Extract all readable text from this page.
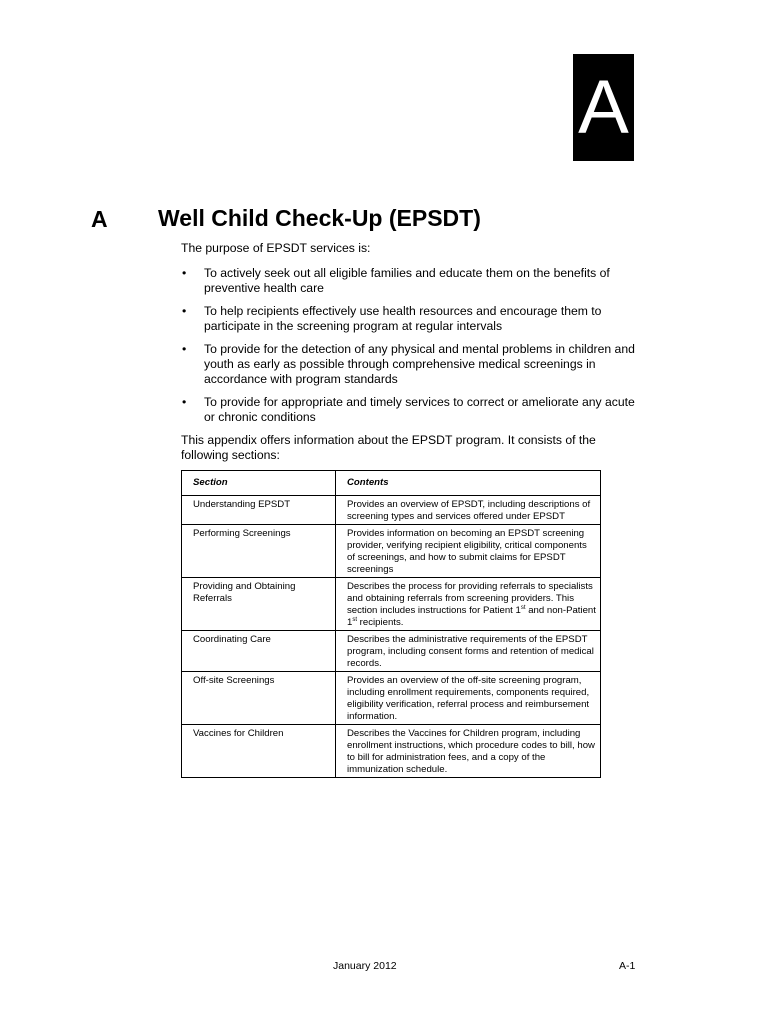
A
A Well Child Check-Up (EPSDT)

The purpose of EPSDT services is:

• To actively seek out all eligible families and educate them on the benefits of preventive health care
• To help recipients effectively use health resources and encourage them to participate in the screening program at regular intervals
• To provide for the detection of any physical and mental problems in children and youth as early as possible through comprehensive medical screenings in accordance with program standards
• To provide for appropriate and timely services to correct or ameliorate any acute or chronic conditions

This appendix offers information about the EPSDT program. It consists of the following sections:

Section	Contents
Understanding EPSDT	Provides an overview of EPSDT, including descriptions of screening types and services offered under EPSDT
Performing Screenings	Provides information on becoming an EPSDT screening provider, verifying recipient eligibility, critical components of screenings, and how to submit claims for EPSDT screenings
Providing and Obtaining Referrals	Describes the process for providing referrals to specialists and obtaining referrals from screening providers. This section includes instructions for Patient 1st and non-Patient 1st recipients.
Coordinating Care	Describes the administrative requirements of the EPSDT program, including consent forms and retention of medical records.
Off-site Screenings	Provides an overview of the off-site screening program, including enrollment requirements, components required, eligibility verification, referral process and reimbursement information.
Vaccines for Children	Describes the Vaccines for Children program, including enrollment instructions, which procedure codes to bill, how to bill for administration fees, and a copy of the immunization schedule.
January 2012	A-1
